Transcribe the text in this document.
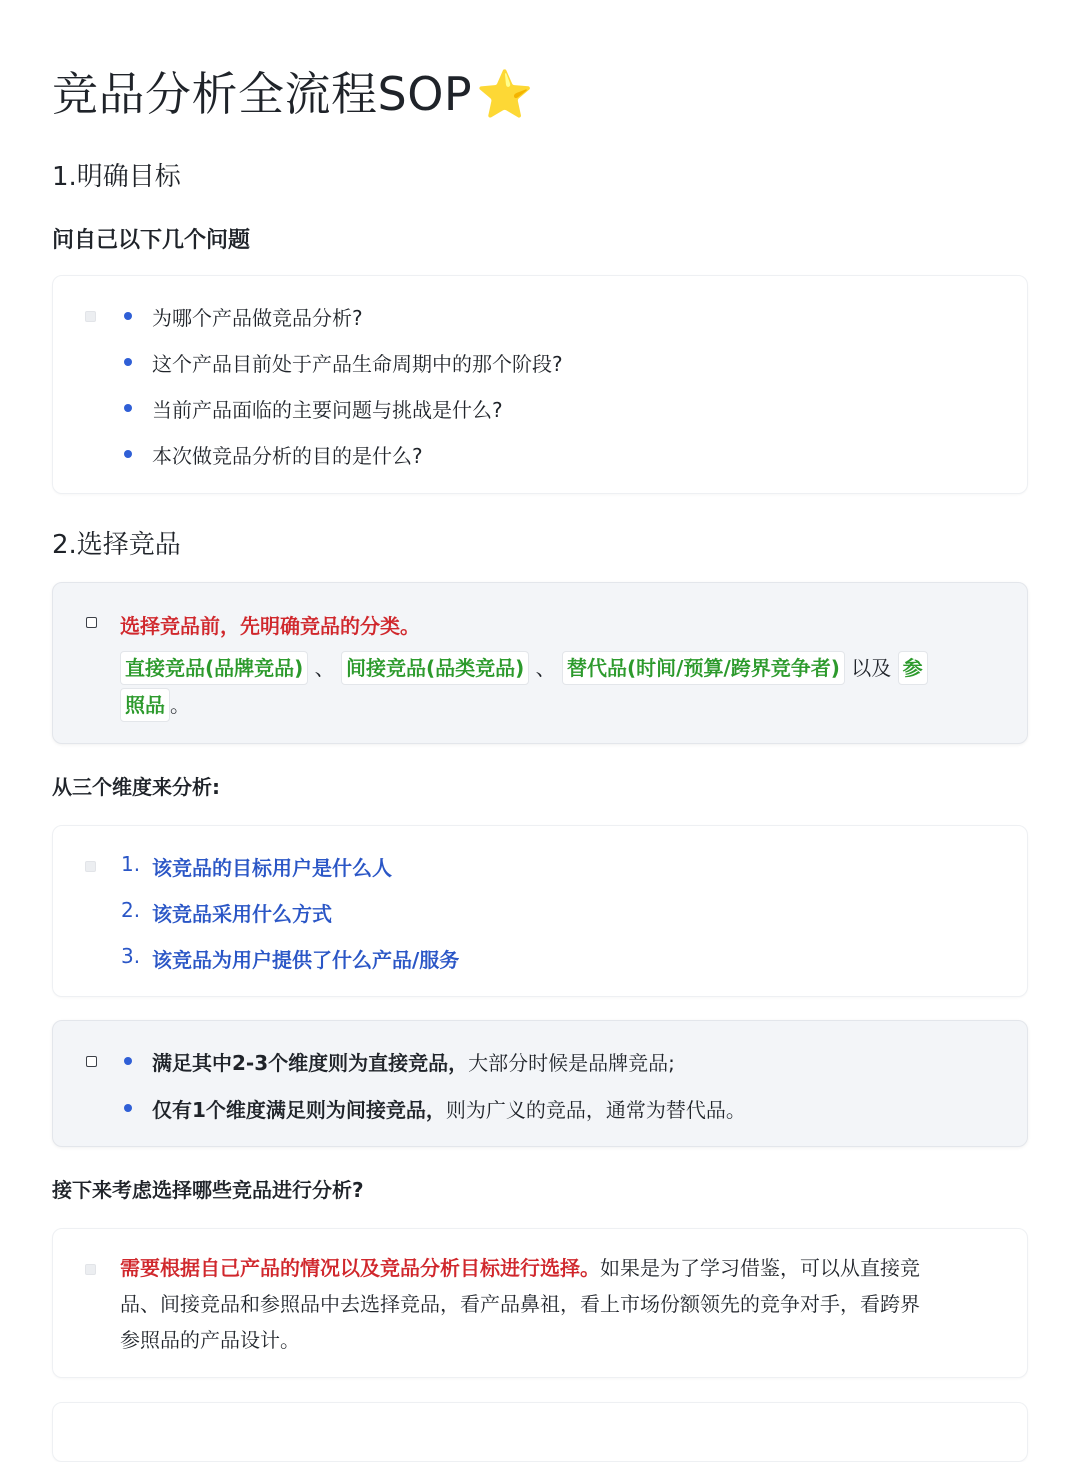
竞品分析全流程SOP⭐
1.明确目标
问自己以下几个问题
为哪个产品做竞品分析?
这个产品目前处于产品生命周期中的那个阶段?
当前产品面临的主要问题与挑战是什么?
本次做竞品分析的目的是什么?
2.选择竞品
选择竞品前，先明确竞品的分类。
直接竞品(品牌竞品) 、 间接竞品(品类竞品) 、 替代品(时间/预算/跨界竞争者) 以及 参
照品 。
从三个维度来分析:
1. 该竞品的目标用户是什么人
2. 该竞品采用什么方式
3. 该竞品为用户提供了什么产品/服务
满足其中2-3个维度则为直接竞品，大部分时候是品牌竞品;
仅有1个维度满足则为间接竞品，则为广义的竞品，通常为替代品。
接下来考虑选择哪些竞品进行分析?
需要根据自己产品的情况以及竞品分析目标进行选择。如果是为了学习借鉴，可以从直接竞
品、间接竞品和参照品中去选择竞品，看产品鼻祖，看上市场份额领先的竞争对手，看跨界
参照品的产品设计。
